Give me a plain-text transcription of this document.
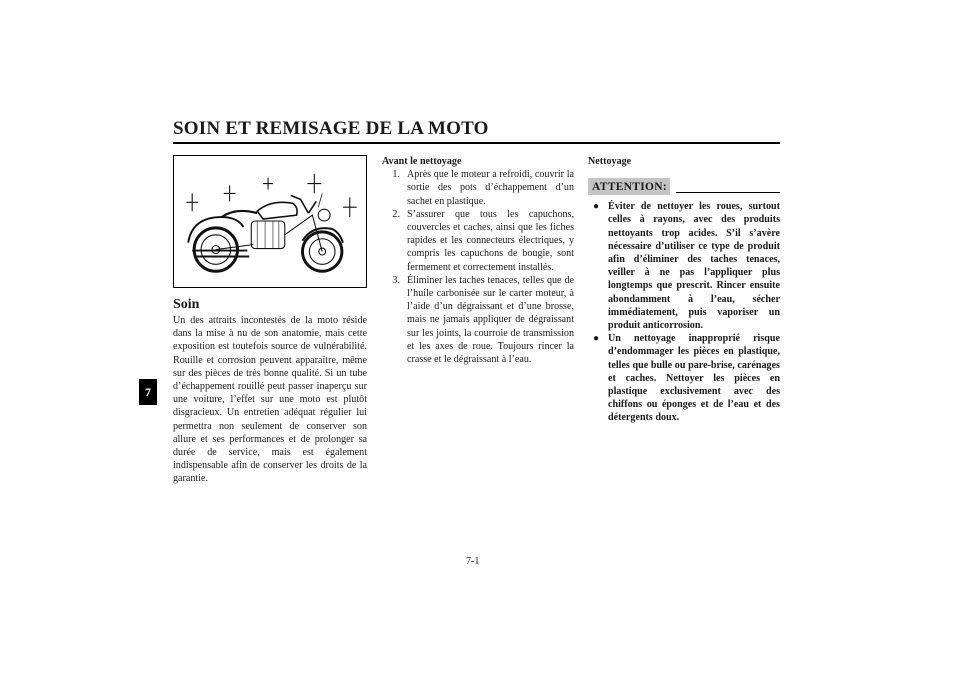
SOIN ET REMISAGE DE LA MOTO
7
Soin

Un des attraits incontestés de la moto réside dans la mise à nu de son anatomie, mais cette exposition est toutefois source de vulnérabilité. Rouille et corrosion peuvent apparaître, même sur des pièces de très bonne qualité. Si un tube d’échappement rouillé peut passer inaperçu sur une voiture, l’effet sur une moto est plutôt disgracieux. Un entretien adéquat régulier lui permettra non seulement de conserver son allure et ses performances et de prolonger sa durée de service, mais est également indispensable afin de conserver les droits de la garantie.

Avant le nettoyage
1. Après que le moteur a refroidi, couvrir la sortie des pots d’échappement d’un sachet en plastique.
2. S’assurer que tous les capuchons, couvercles et caches, ainsi que les fiches rapides et les connecteurs électriques, y compris les capuchons de bougie, sont fermement et correctement installés.
3. Éliminer les taches tenaces, telles que de l’huile carbonisée sur le carter moteur, à l’aide d’un dégraissant et d’une brosse, mais ne jamais appliquer de dégraissant sur les joints, la courroie de transmission et les axes de roue. Toujours rincer la crasse et le dégraissant à l’eau.
Nettoyage
ATTENTION:
● Éviter de nettoyer les roues, surtout celles à rayons, avec des produits nettoyants trop acides. S’il s’avère nécessaire d’utiliser ce type de produit afin d’éliminer des taches tenaces, veiller à ne pas l’appliquer plus longtemps que prescrit. Rincer ensuite abondamment à l’eau, sécher immédiatement, puis vaporiser un produit anticorrosion.
● Un nettoyage inapproprié risque d’endommager les pièces en plastique, telles que bulle ou pare-brise, carénages et caches. Nettoyer les pièces en plastique exclusivement avec des chiffons ou éponges et de l’eau et des détergents doux.
7-1
